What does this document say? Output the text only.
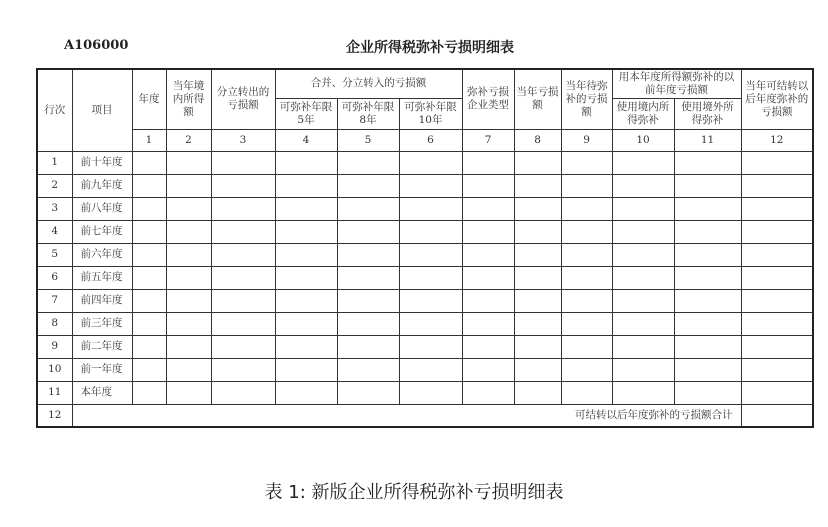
A106000	企业所得税弥补亏损明细表
行次	项目	年度	当年境内所得额	分立转出的亏损额	合并、分立转入的亏损额			弥补亏损企业类型	当年亏损额	当年待弥补的亏损额	用本年度所得额弥补的以前年度亏损额		当年可结转以后年度弥补的亏损额
					可弥补年限5年	可弥补年限8年	可弥补年限10年				使用境内所得弥补	使用境外所得弥补	
		1	2	3	4	5	6	7	8	9	10	11	12
1	前十年度												
2	前九年度												
3	前八年度												
4	前七年度												
5	前六年度												
6	前五年度												
7	前四年度												
8	前三年度												
9	前二年度												
10	前一年度												
11	本年度												
12	可结转以后年度弥补的亏损额合计												
表 1: 新版企业所得税弥补亏损明细表
